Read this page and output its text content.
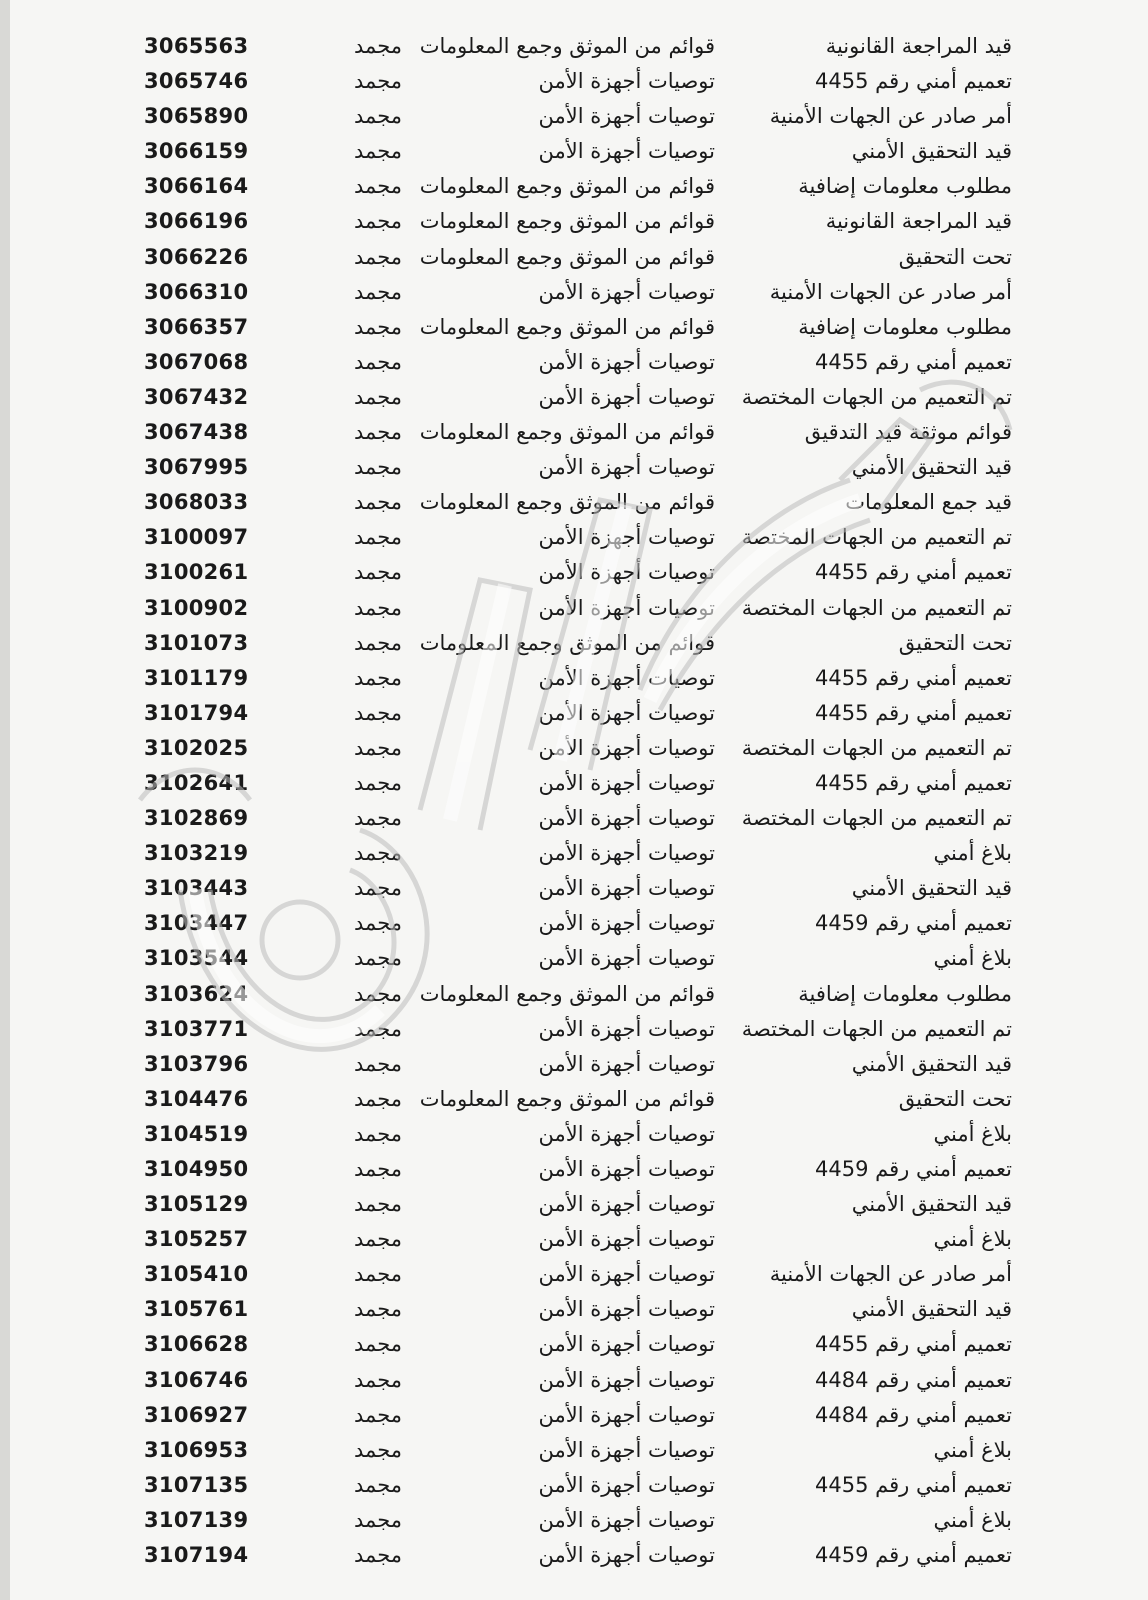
قيد المراجعة القانونية
قوائم من الموثق وجمع المعلومات
مجمد
3065563
تعميم أمني رقم 4455
توصيات أجهزة الأمن
مجمد
3065746
أمر صادر عن الجهات الأمنية
توصيات أجهزة الأمن
مجمد
3065890
قيد التحقيق الأمني
توصيات أجهزة الأمن
مجمد
3066159
مطلوب معلومات إضافية
قوائم من الموثق وجمع المعلومات
مجمد
3066164
قيد المراجعة القانونية
قوائم من الموثق وجمع المعلومات
مجمد
3066196
تحت التحقيق
قوائم من الموثق وجمع المعلومات
مجمد
3066226
أمر صادر عن الجهات الأمنية
توصيات أجهزة الأمن
مجمد
3066310
مطلوب معلومات إضافية
قوائم من الموثق وجمع المعلومات
مجمد
3066357
تعميم أمني رقم 4455
توصيات أجهزة الأمن
مجمد
3067068
تم التعميم من الجهات المختصة
توصيات أجهزة الأمن
مجمد
3067432
قوائم موثقة قيد التدقيق
قوائم من الموثق وجمع المعلومات
مجمد
3067438
قيد التحقيق الأمني
توصيات أجهزة الأمن
مجمد
3067995
قيد جمع المعلومات
قوائم من الموثق وجمع المعلومات
مجمد
3068033
تم التعميم من الجهات المختصة
توصيات أجهزة الأمن
مجمد
3100097
تعميم أمني رقم 4455
توصيات أجهزة الأمن
مجمد
3100261
تم التعميم من الجهات المختصة
توصيات أجهزة الأمن
مجمد
3100902
تحت التحقيق
قوائم من الموثق وجمع المعلومات
مجمد
3101073
تعميم أمني رقم 4455
توصيات أجهزة الأمن
مجمد
3101179
تعميم أمني رقم 4455
توصيات أجهزة الأمن
مجمد
3101794
تم التعميم من الجهات المختصة
توصيات أجهزة الأمن
مجمد
3102025
تعميم أمني رقم 4455
توصيات أجهزة الأمن
مجمد
3102641
تم التعميم من الجهات المختصة
توصيات أجهزة الأمن
مجمد
3102869
بلاغ أمني
توصيات أجهزة الأمن
مجمد
3103219
قيد التحقيق الأمني
توصيات أجهزة الأمن
مجمد
3103443
تعميم أمني رقم 4459
توصيات أجهزة الأمن
مجمد
3103447
بلاغ أمني
توصيات أجهزة الأمن
مجمد
3103544
مطلوب معلومات إضافية
قوائم من الموثق وجمع المعلومات
مجمد
3103624
تم التعميم من الجهات المختصة
توصيات أجهزة الأمن
مجمد
3103771
قيد التحقيق الأمني
توصيات أجهزة الأمن
مجمد
3103796
تحت التحقيق
قوائم من الموثق وجمع المعلومات
مجمد
3104476
بلاغ أمني
توصيات أجهزة الأمن
مجمد
3104519
تعميم أمني رقم 4459
توصيات أجهزة الأمن
مجمد
3104950
قيد التحقيق الأمني
توصيات أجهزة الأمن
مجمد
3105129
بلاغ أمني
توصيات أجهزة الأمن
مجمد
3105257
أمر صادر عن الجهات الأمنية
توصيات أجهزة الأمن
مجمد
3105410
قيد التحقيق الأمني
توصيات أجهزة الأمن
مجمد
3105761
تعميم أمني رقم 4455
توصيات أجهزة الأمن
مجمد
3106628
تعميم أمني رقم 4484
توصيات أجهزة الأمن
مجمد
3106746
تعميم أمني رقم 4484
توصيات أجهزة الأمن
مجمد
3106927
بلاغ أمني
توصيات أجهزة الأمن
مجمد
3106953
تعميم أمني رقم 4455
توصيات أجهزة الأمن
مجمد
3107135
بلاغ أمني
توصيات أجهزة الأمن
مجمد
3107139
تعميم أمني رقم 4459
توصيات أجهزة الأمن
مجمد
3107194
